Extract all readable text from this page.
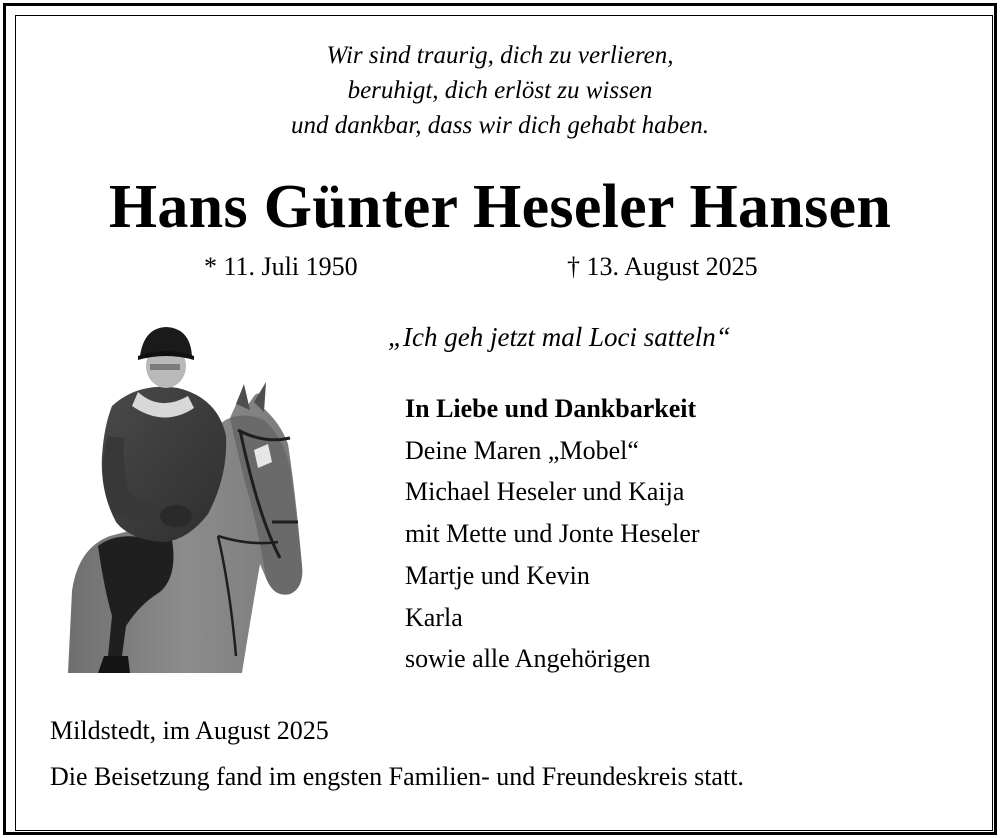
Wir sind traurig, dich zu verlieren,
beruhigt, dich erlöst zu wissen
und dankbar, dass wir dich gehabt haben.
Hans Günter Heseler Hansen
* 11. Juli 1950	† 13. August 2025
„Ich geh jetzt mal Loci satteln“
In Liebe und Dankbarkeit
Deine Maren „Mobel“
Michael Heseler und Kaija
mit Mette und Jonte Heseler
Martje und Kevin
Karla
sowie alle Angehörigen
Mildstedt, im August 2025
Die Beisetzung fand im engsten Familien- und Freundeskreis statt.
